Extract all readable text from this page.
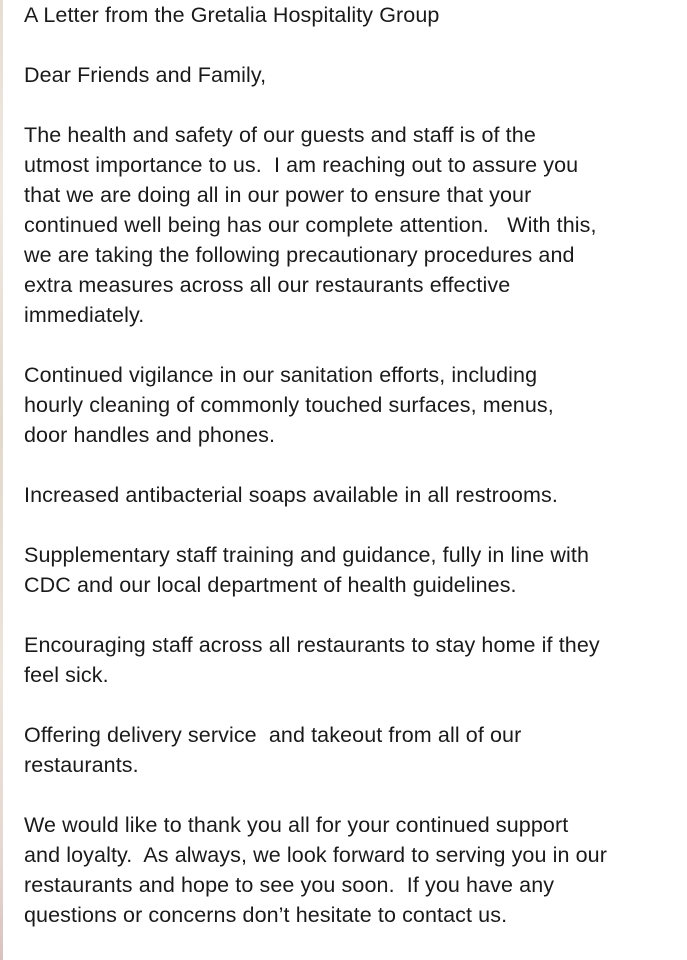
A Letter from the Gretalia Hospitality Group

Dear Friends and Family,

The health and safety of our guests and staff is of the

utmost importance to us.  I am reaching out to assure you

that we are doing all in our power to ensure that your

continued well being has our complete attention.   With this,

we are taking the following precautionary procedures and

extra measures across all our restaurants effective

immediately.

Continued vigilance in our sanitation efforts, including

hourly cleaning of commonly touched surfaces, menus,

door handles and phones.

Increased antibacterial soaps available in all restrooms.

Supplementary staff training and guidance, fully in line with

CDC and our local department of health guidelines.

Encouraging staff across all restaurants to stay home if they

feel sick.

Offering delivery service  and takeout from all of our

restaurants.

We would like to thank you all for your continued support

and loyalty.  As always, we look forward to serving you in our

restaurants and hope to see you soon.  If you have any

questions or concerns don’t hesitate to contact us.
